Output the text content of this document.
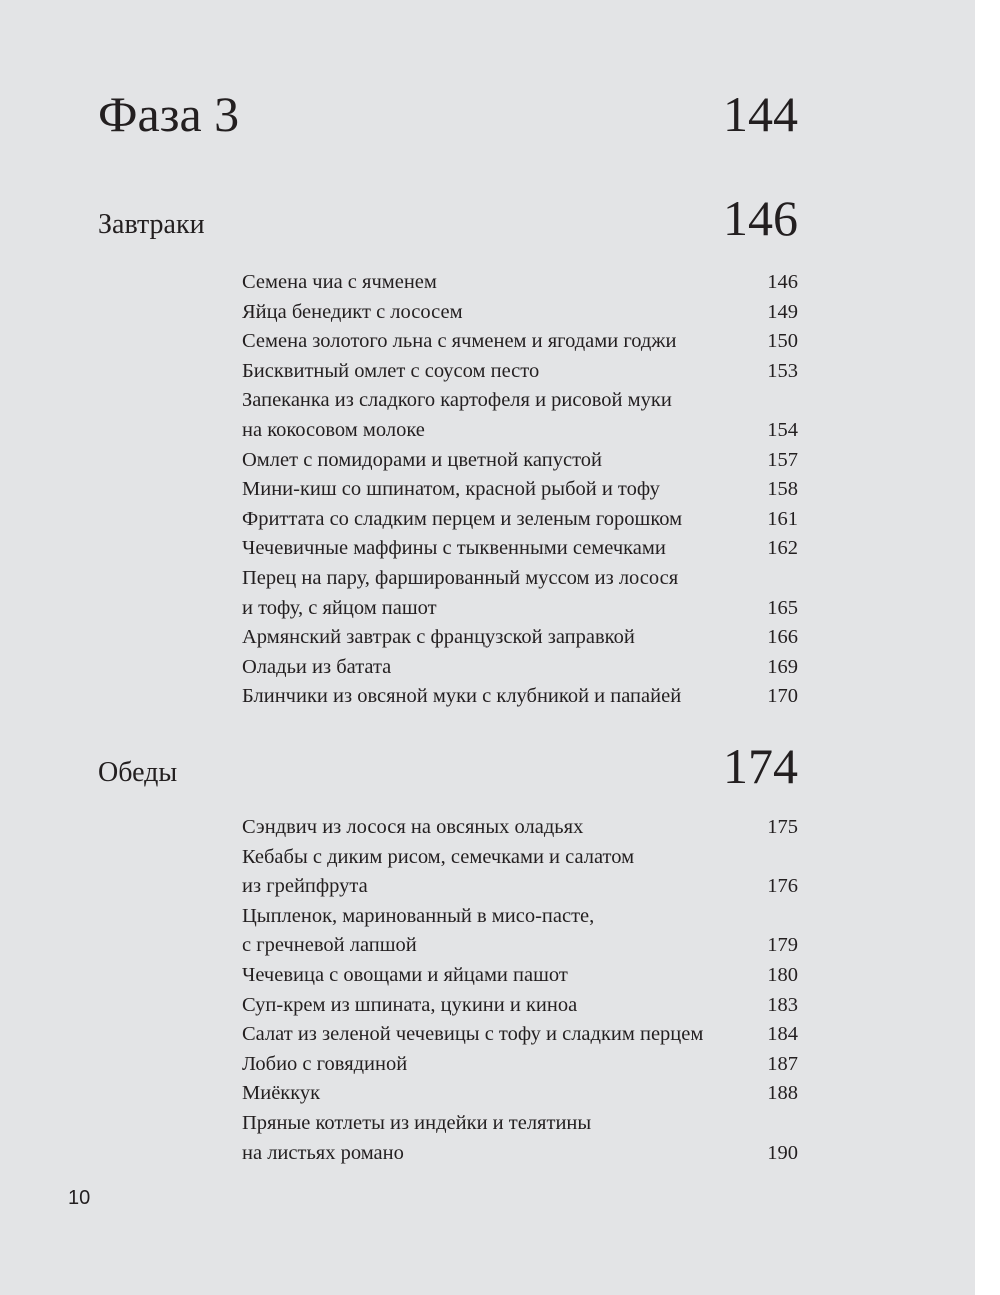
Фаза 3	144
Завтраки	146
Семена чиа с ячменем	146
Яйца бенедикт с лососем	149
Семена золотого льна с ячменем и ягодами годжи	150
Бисквитный омлет с соусом песто	153
Запеканка из сладкого картофеля и рисовой муки
на кокосовом молоке	154
Омлет с помидорами и цветной капустой	157
Мини-киш со шпинатом, красной рыбой и тофу	158
Фриттата со сладким перцем и зеленым горошком	161
Чечевичные маффины с тыквенными семечками	162
Перец на пару, фаршированный муссом из лосося
и тофу, с яйцом пашот	165
Армянский завтрак с французской заправкой	166
Оладьи из батата	169
Блинчики из овсяной муки с клубникой и папайей	170
Обеды	174
Сэндвич из лосося на овсяных оладьях	175
Кебабы с диким рисом, семечками и салатом
из грейпфрута	176
Цыпленок, маринованный в мисо-пасте,
с гречневой лапшой	179
Чечевица с овощами и яйцами пашот	180
Суп-крем из шпината, цукини и киноа	183
Салат из зеленой чечевицы с тофу и сладким перцем	184
Лобио с говядиной	187
Миёккук	188
Пряные котлеты из индейки и телятины
на листьях романо	190
10
